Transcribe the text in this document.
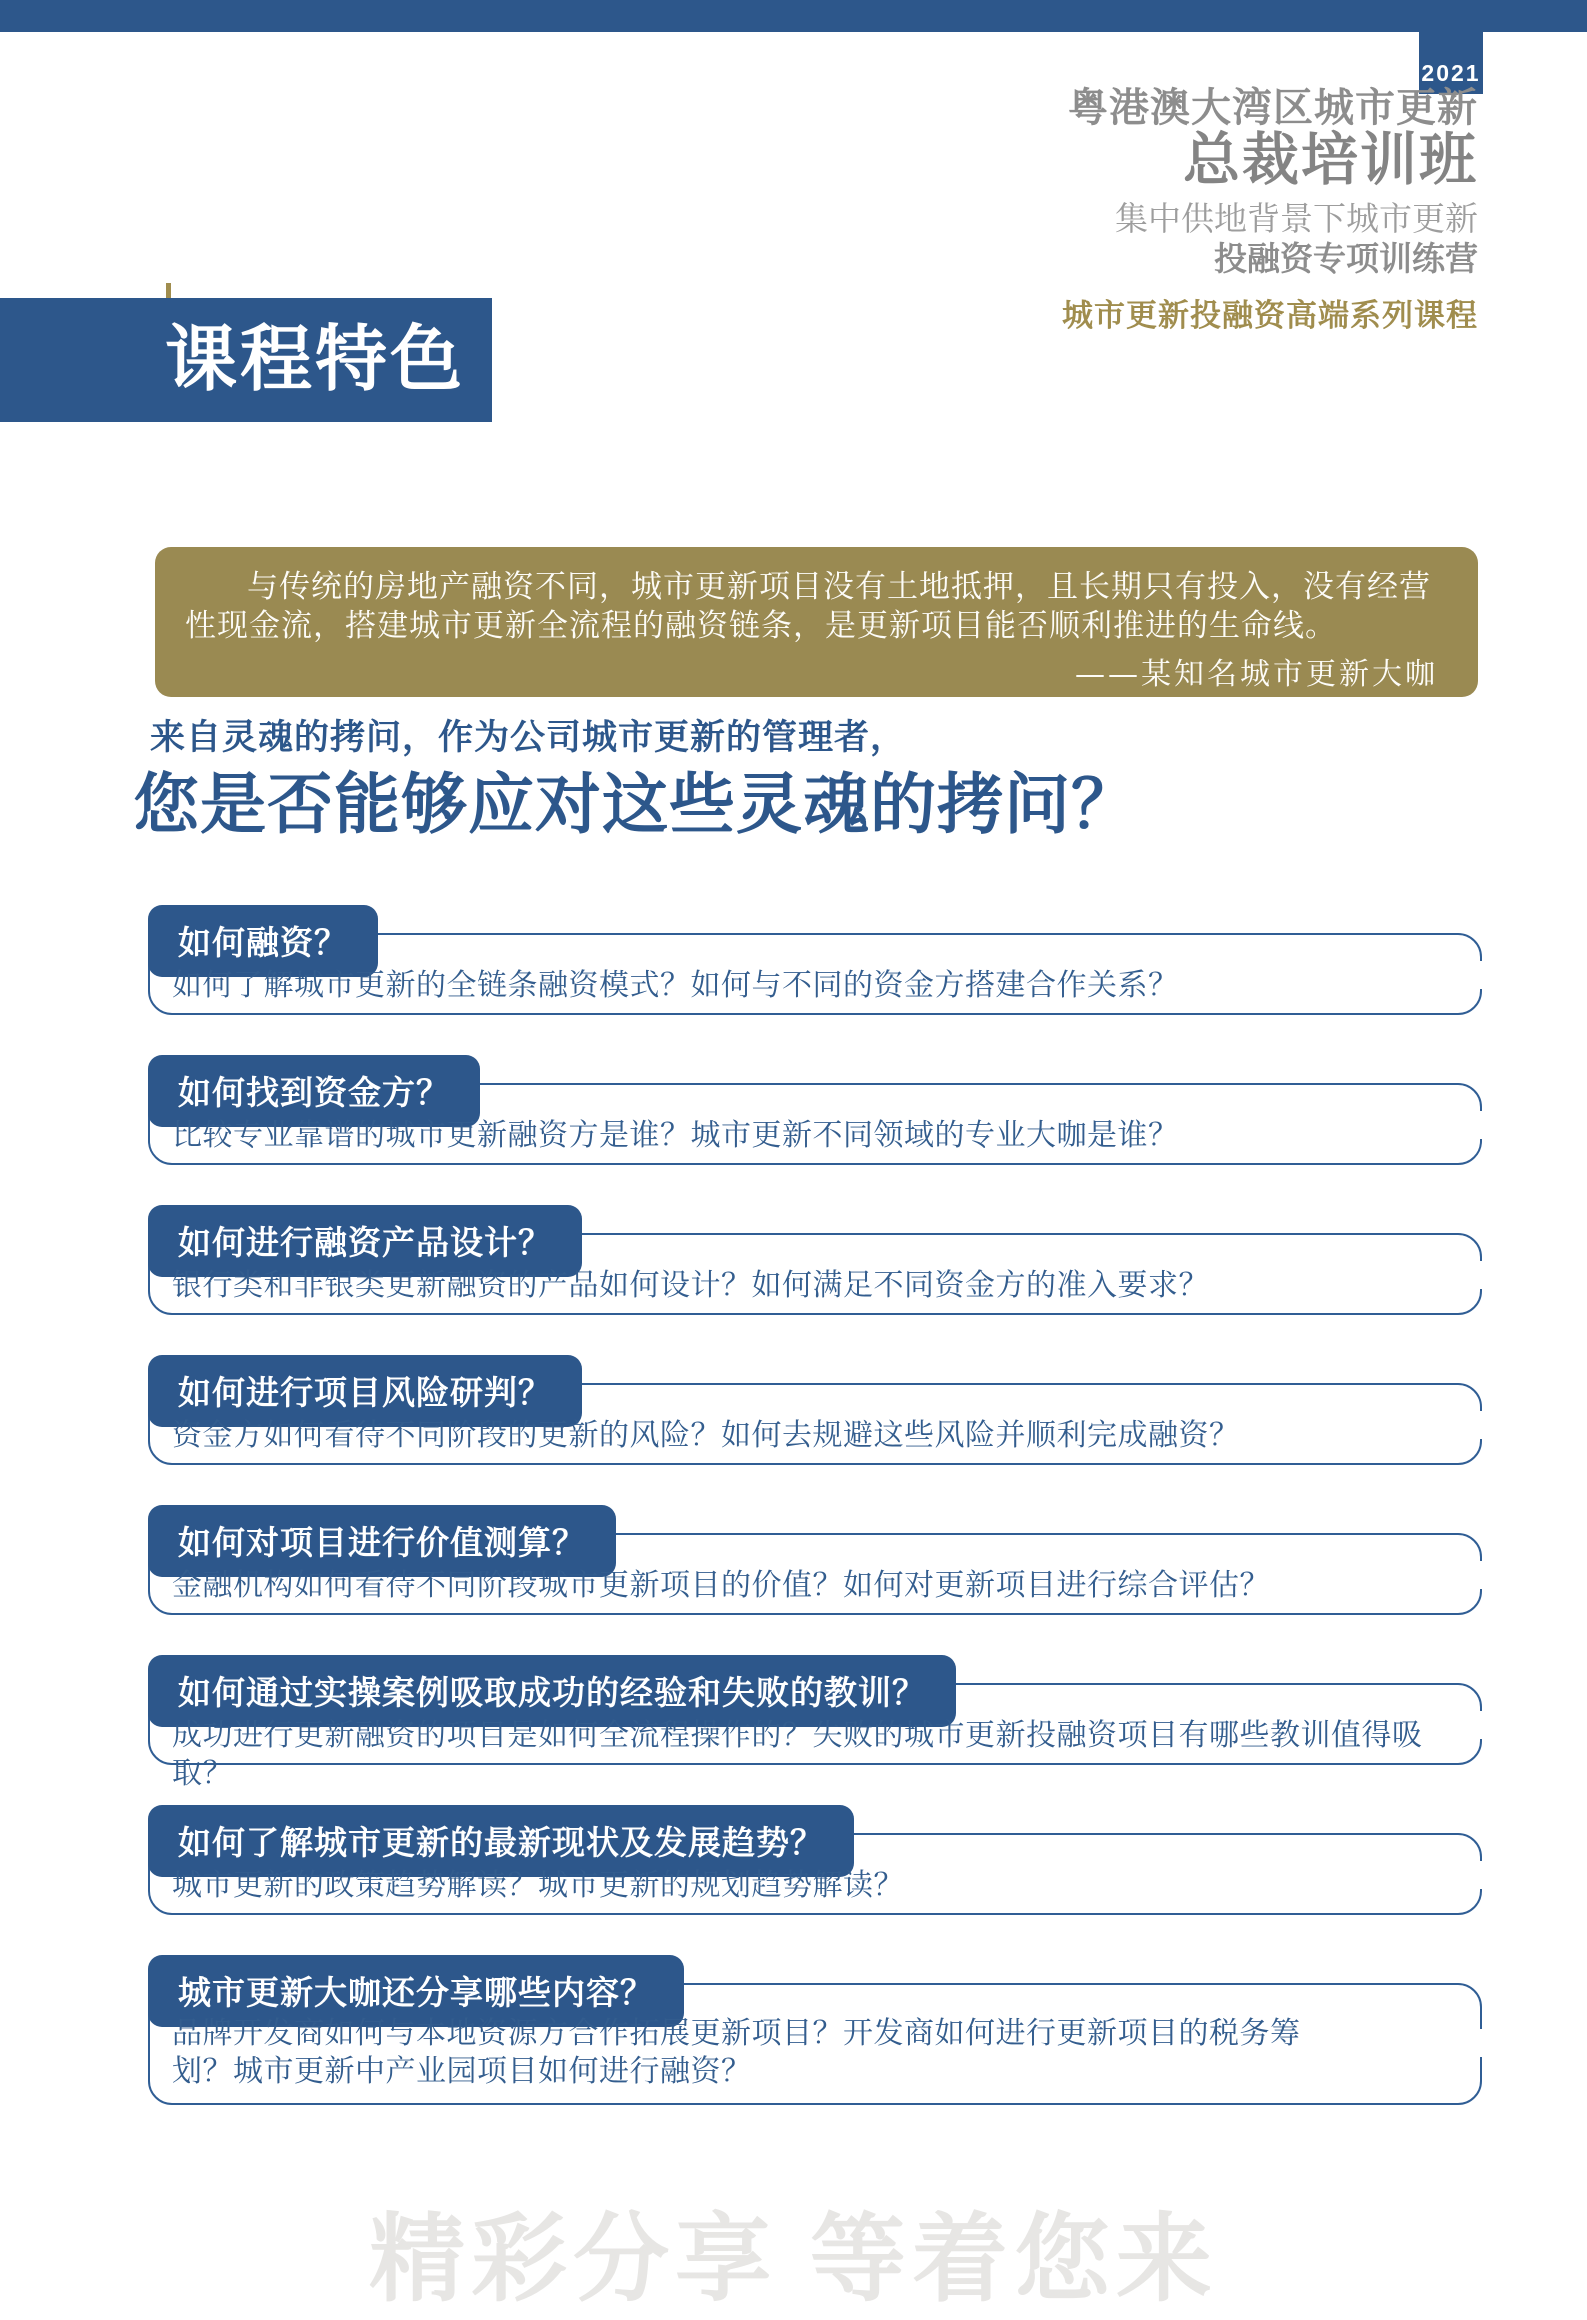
2021
粤港澳大湾区城市更新
总裁培训班
集中供地背景下城市更新
投融资专项训练营
城市更新投融资高端系列课程
课程特色
与传统的房地产融资不同，城市更新项目没有土地抵押，且长期只有投入，没有经营性现金流，搭建城市更新全流程的融资链条，是更新项目能否顺利推进的生命线。
——某知名城市更新大咖
来自灵魂的拷问，作为公司城市更新的管理者，
您是否能够应对这些灵魂的拷问？
如何融资？
如何了解城市更新的全链条融资模式？如何与不同的资金方搭建合作关系？
如何找到资金方？
比较专业靠谱的城市更新融资方是谁？城市更新不同领域的专业大咖是谁？
如何进行融资产品设计？
银行类和非银类更新融资的产品如何设计？如何满足不同资金方的准入要求？
如何进行项目风险研判？
资金方如何看待不同阶段的更新的风险？如何去规避这些风险并顺利完成融资？
如何对项目进行价值测算？
金融机构如何看待不同阶段城市更新项目的价值？如何对更新项目进行综合评估？
如何通过实操案例吸取成功的经验和失败的教训？
成功进行更新融资的项目是如何全流程操作的？失败的城市更新投融资项目有哪些教训值得吸取？
如何了解城市更新的最新现状及发展趋势？
城市更新的政策趋势解读？城市更新的规划趋势解读？
城市更新大咖还分享哪些内容？
品牌开发商如何与本地资源方合作拓展更新项目？开发商如何进行更新项目的税务筹划？城市更新中产业园项目如何进行融资？
精彩分享 等着您来
